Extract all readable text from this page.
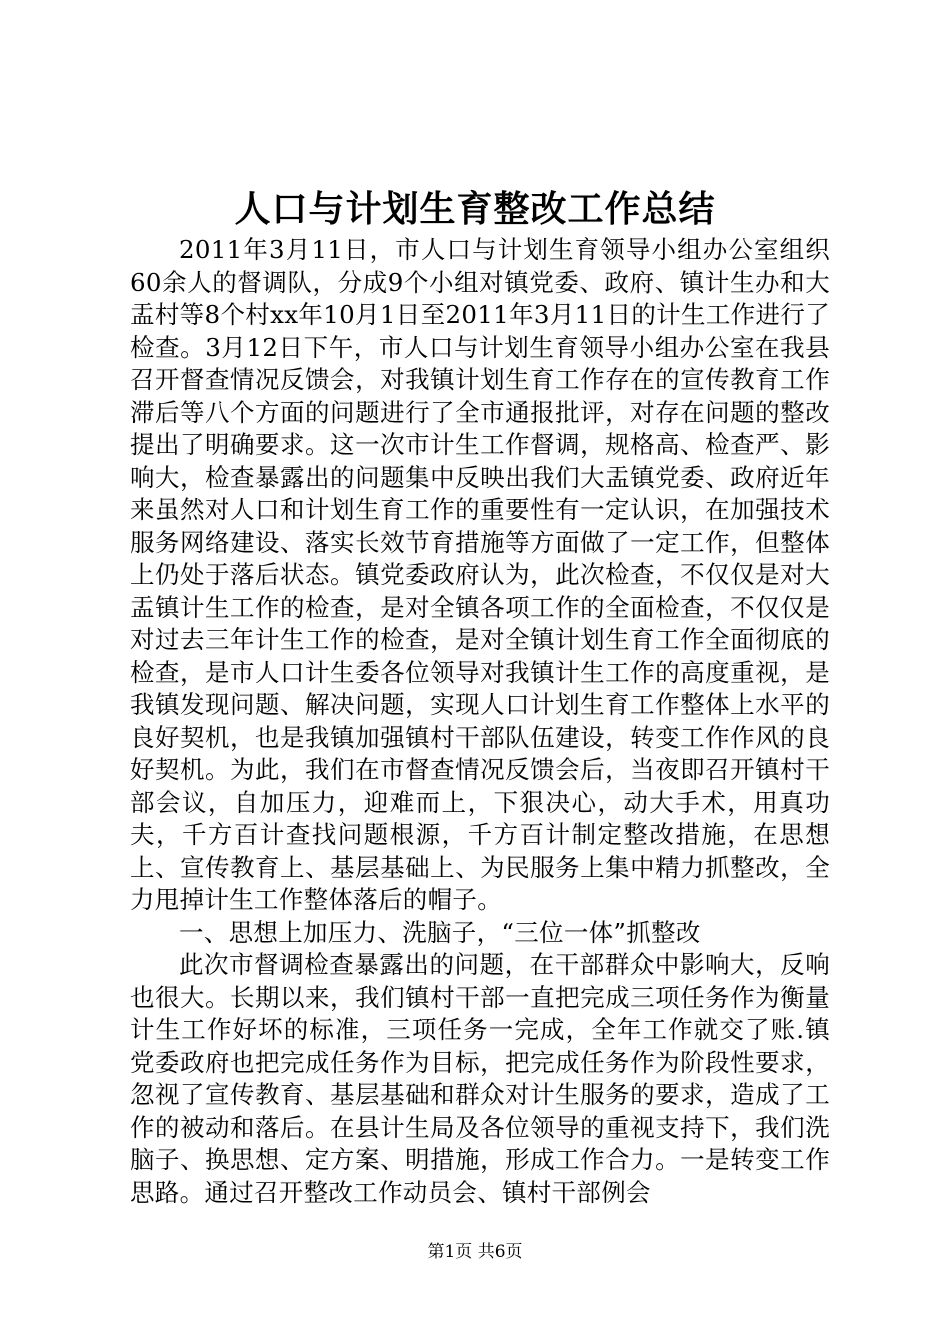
人口与计划生育整改工作总结

2011年3月11日，市人口与计划生育领导小组办公室组织60余人的督调队，分成9个小组对镇党委、政府、镇计生办和大盂村等8个村xx年10月1日至2011年3月11日的计生工作进行了检查。3月12日下午，市人口与计划生育领导小组办公室在我县召开督查情况反馈会，对我镇计划生育工作存在的宣传教育工作滞后等八个方面的问题进行了全市通报批评，对存在问题的整改提出了明确要求。这一次市计生工作督调，规格高、检查严、影响大，检查暴露出的问题集中反映出我们大盂镇党委、政府近年来虽然对人口和计划生育工作的重要性有一定认识，在加强技术服务网络建设、落实长效节育措施等方面做了一定工作，但整体上仍处于落后状态。镇党委政府认为，此次检查，不仅仅是对大盂镇计生工作的检查，是对全镇各项工作的全面检查，不仅仅是对过去三年计生工作的检查，是对全镇计划生育工作全面彻底的检查，是市人口计生委各位领导对我镇计生工作的高度重视，是我镇发现问题、解决问题，实现人口计划生育工作整体上水平的良好契机，也是我镇加强镇村干部队伍建设，转变工作作风的良好契机。为此，我们在市督查情况反馈会后，当夜即召开镇村干部会议，自加压力，迎难而上，下狠决心，动大手术，用真功夫，千方百计查找问题根源，千方百计制定整改措施，在思想上、宣传教育上、基层基础上、为民服务上集中精力抓整改，全力甩掉计生工作整体落后的帽子。

一、思想上加压力、洗脑子，“三位一体”抓整改

此次市督调检查暴露出的问题，在干部群众中影响大，反响也很大。长期以来，我们镇村干部一直把完成三项任务作为衡量计生工作好坏的标准，三项任务一完成，全年工作就交了账.镇党委政府也把完成任务作为目标，把完成任务作为阶段性要求，忽视了宣传教育、基层基础和群众对计生服务的要求，造成了工作的被动和落后。在县计生局及各位领导的重视支持下，我们洗脑子、换思想、定方案、明措施，形成工作合力。一是转变工作思路。通过召开整改工作动员会、镇村干部例会

第1页 共6页
